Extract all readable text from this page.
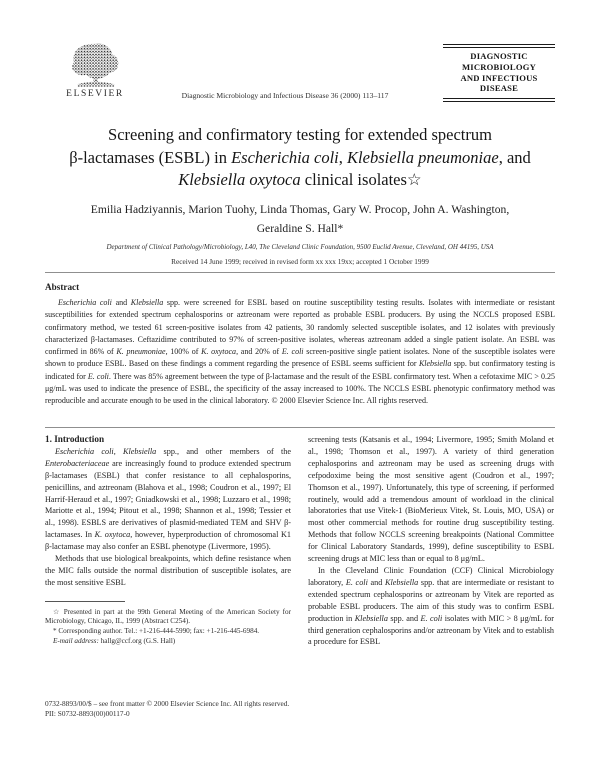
ELSEVIER	Diagnostic Microbiology and Infectious Disease 36 (2000) 113–117
DIAGNOSTIC
MICROBIOLOGY
AND INFECTIOUS
DISEASE
Screening and confirmatory testing for extended spectrum
β-lactamases (ESBL) in Escherichia coli, Klebsiella pneumoniae, and
Klebsiella oxytoca clinical isolates☆
Emilia Hadziyannis, Marion Tuohy, Linda Thomas, Gary W. Procop, John A. Washington,
Geraldine S. Hall*
Department of Clinical Pathology/Microbiology, L40, The Cleveland Clinic Foundation, 9500 Euclid Avenue, Cleveland, OH 44195, USA
Received 14 June 1999; received in revised form xx xxx 19xx; accepted 1 October 1999
Abstract
Escherichia coli and Klebsiella spp. were screened for ESBL based on routine susceptibility testing results. Isolates with intermediate or resistant susceptibilities for extended spectrum cephalosporins or aztreonam were reported as probable ESBL producers. By using the NCCLS proposed ESBL confirmatory method, we tested 61 screen-positive isolates from 42 patients, 30 randomly selected susceptible isolates, and 12 isolates with previously characterized β-lactamases. Ceftazidime contributed to 97% of screen-positive isolates, whereas aztreonam added a single patient isolate. An ESBL was confirmed in 86% of K. pneumoniae, 100% of K. oxytoca, and 20% of E. coli screen-positive single patient isolates. None of the susceptible isolates were shown to produce ESBL. Based on these findings a comment regarding the presence of ESBL seems sufficient for Klebsiella spp. but confirmatory testing is indicated for E. coli. There was 85% agreement between the type of β-lactamase and the result of the ESBL confirmatory test. When a cefotaxime MIC > 0.25 μg/mL was used to indicate the presence of ESBL, the specificity of the assay increased to 100%. The NCCLS ESBL phenotypic confirmatory method was reproducible and accurate enough to be used in the clinical laboratory. © 2000 Elsevier Science Inc. All rights reserved.

1. Introduction

Escherichia coli, Klebsiella spp., and other members of the Enterobacteriaceae are increasingly found to produce extended spectrum β-lactamases (ESBL) that confer resistance to all cephalosporins, penicillins, and aztreonam (Blahova et al., 1998; Coudron et al., 1997; El Harrif-Heraud et al., 1997; Gniadkowski et al., 1998; Luzzaro et al., 1998; Mariotte et al., 1994; Pitout et al., 1998; Shannon et al., 1998; Tessier et al., 1998). ESBLS are derivatives of plasmid-mediated TEM and SHV β-lactamases. In K. oxytoca, however, hyperproduction of chromosomal K1 β-lactamase may also confer an ESBL phenotype (Livermore, 1995).

Methods that use biological breakpoints, which define resistance when the MIC falls outside the normal distribution of susceptible isolates, are the most sensitive ESBL

☆ Presented in part at the 99th General Meeting of the American Society for Microbiology, Chicago, IL, 1999 (Abstract C254).

* Corresponding author. Tel.: +1-216-444-5990; fax: +1-216-445-6984.

E-mail address: hallg@ccf.org (G.S. Hall)

screening tests (Katsanis et al., 1994; Livermore, 1995; Smith Moland et al., 1998; Thomson et al., 1997). A variety of third generation cephalosporins and aztreonam may be used as screening drugs with cefpodoxime being the most sensitive agent (Coudron et al., 1997; Thomson et al., 1997). Unfortunately, this type of screening, if performed routinely, would add a tremendous amount of workload in the clinical laboratories that use Vitek-1 (BioMerieux Vitek, St. Louis, MO, USA) or most other commercial methods for routine drug susceptibility testing. Methods that follow NCCLS screening breakpoints (National Committee for Clinical Laboratory Standards, 1999), define susceptibility to ESBL screening drugs at MIC less than or equal to 8 μg/mL.

In the Cleveland Clinic Foundation (CCF) Clinical Microbiology laboratory, E. coli and Klebsiella spp. that are intermediate or resistant to extended spectrum cephalosporins or aztreonam by Vitek are reported as probable ESBL producers. The aim of this study was to confirm ESBL production in Klebsiella spp. and E. coli isolates with MIC > 8 μg/mL for third generation cephalosporins and/or aztreonam by Vitek and to establish a procedure for ESBL

0732-8893/00/$ – see front matter © 2000 Elsevier Science Inc. All rights reserved.
PII: S0732-8893(00)00117-0
